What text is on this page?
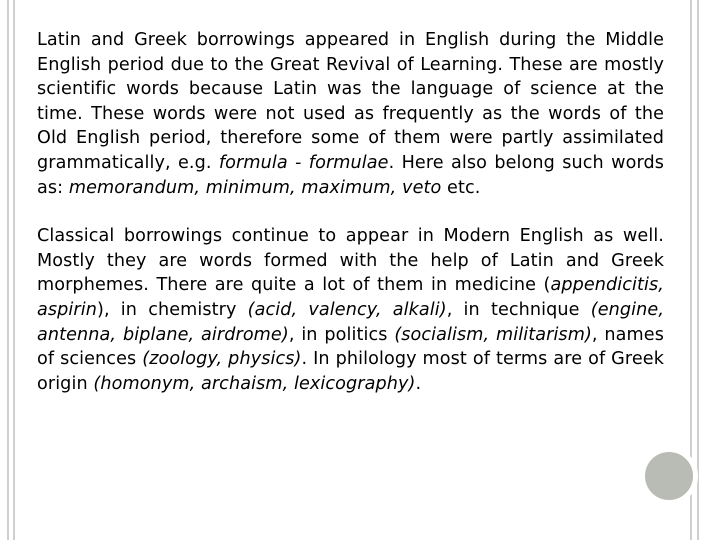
Latin and Greek borrowings appeared in English during the Middle English period due to the Great Revival of Learning. These are mostly scientific words because Latin was the language of science at the time. These words were not used as frequently as the words of the Old English period, therefore some of them were partly assimilated grammatically, e.g. formula - formulae. Here also belong such words as: memorandum, minimum, maximum, veto etc.

Classical borrowings continue to appear in Modern English as well. Mostly they are words formed with the help of Latin and Greek morphemes. There are quite a lot of them in medicine (appendicitis, aspirin), in chemistry (acid, valency, alkali), in technique (engine, antenna, biplane, airdrome), in politics (socialism, militarism), names of sciences (zoology, physics). In philology most of terms are of Greek origin (homonym, archaism, lexicography).
